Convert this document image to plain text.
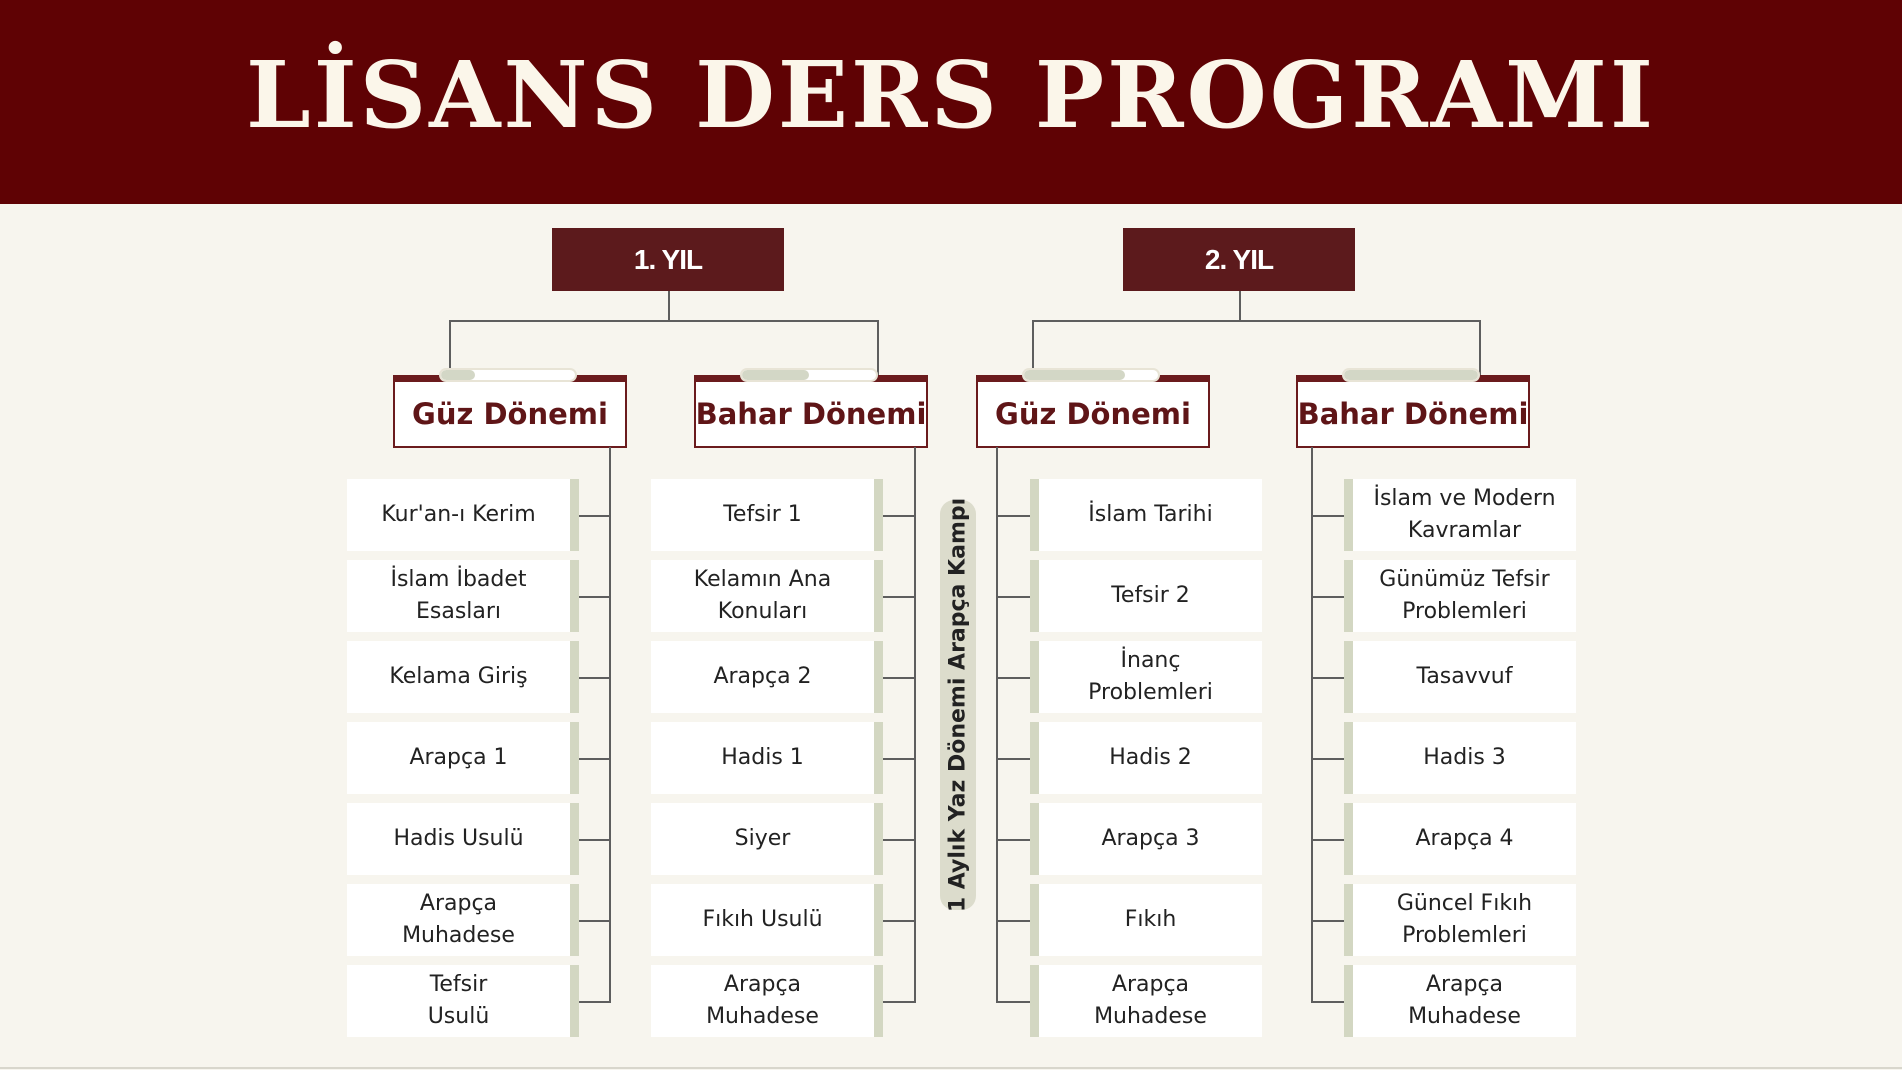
LİSANS DERS PROGRAMI
1 Aylık Yaz Dönemi Arapça Kampı
1. YIL
Güz Dönemi
Kur'an-ı Kerim
İslam İbadet
Esasları
Kelama Giriş
Arapça 1
Hadis Usulü
Arapça
Muhadese
Tefsir
Usulü
Bahar Dönemi
Tefsir 1
Kelamın Ana
Konuları
Arapça 2
Hadis 1
Siyer
Fıkıh Usulü
Arapça
Muhadese
2. YIL
Güz Dönemi
İslam Tarihi
Tefsir 2
İnanç
Problemleri
Hadis 2
Arapça 3
Fıkıh
Arapça
Muhadese
Bahar Dönemi
İslam ve Modern
Kavramlar
Günümüz Tefsir
Problemleri
Tasavvuf
Hadis 3
Arapça 4
Güncel Fıkıh
Problemleri
Arapça
Muhadese
